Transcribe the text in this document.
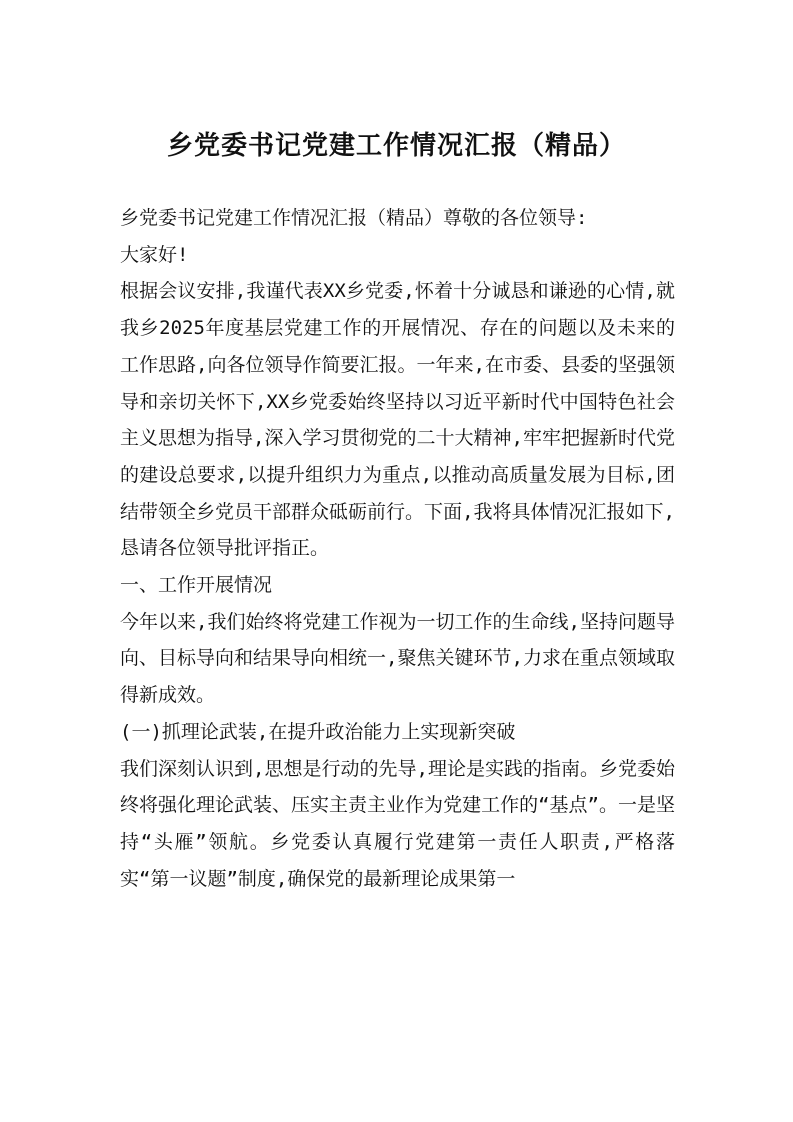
乡党委书记党建工作情况汇报（精品）

乡党委书记党建工作情况汇报（精品）尊敬的各位领导:

大家好!

根据会议安排,我谨代表XX乡党委,怀着十分诚恳和谦逊的心情,就我乡2025年度基层党建工作的开展情况、存在的问题以及未来的工作思路,向各位领导作简要汇报。一年来,在市委、县委的坚强领导和亲切关怀下,XX乡党委始终坚持以习近平新时代中国特色社会主义思想为指导,深入学习贯彻党的二十大精神,牢牢把握新时代党的建设总要求,以提升组织力为重点,以推动高质量发展为目标,团结带领全乡党员干部群众砥砺前行。下面,我将具体情况汇报如下,恳请各位领导批评指正。

一、工作开展情况

今年以来,我们始终将党建工作视为一切工作的生命线,坚持问题导向、目标导向和结果导向相统一,聚焦关键环节,力求在重点领域取得新成效。

(一)抓理论武装,在提升政治能力上实现新突破

我们深刻认识到,思想是行动的先导,理论是实践的指南。乡党委始终将强化理论武装、压实主责主业作为党建工作的“基点”。一是坚持“头雁”领航。乡党委认真履行党建第一责任人职责,严格落实“第一议题”制度,确保党的最新理论成果第一
